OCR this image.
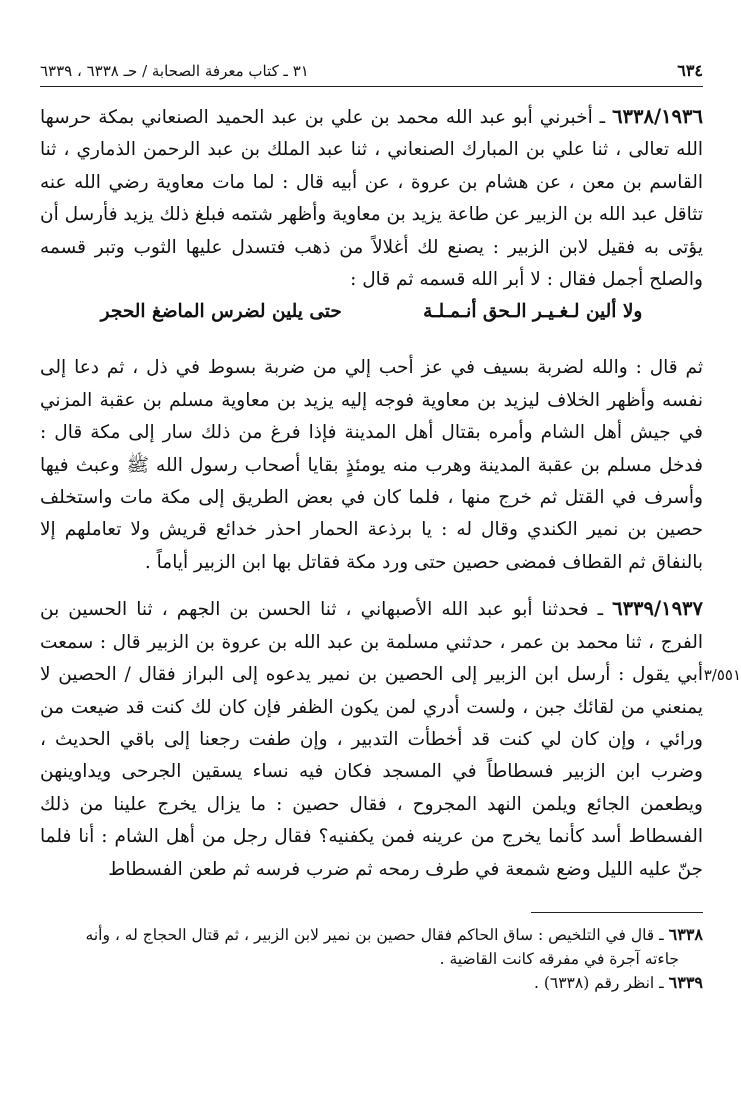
٦٣٤
٣١ ـ كتاب معرفة الصحابة / حـ ٦٣٣٨ ، ٦٣٣٩

٦٣٣٨/١٩٣٦ ـ أخبرني أبو عبد الله محمد بن علي بن عبد الحميد الصنعاني بمكة حرسها الله تعالى ، ثنا علي بن المبارك الصنعاني ، ثنا عبد الملك بن عبد الرحمن الذماري ، ثنا القاسم بن معن ، عن هشام بن عروة ، عن أبيه قال : لما مات معاوية رضي الله عنه تثاقل عبد الله بن الزبير عن طاعة يزيد بن معاوية وأظهر شتمه فبلغ ذلك يزيد فأرسل أن يؤتى به فقيل لابن الزبير : يصنع لك أغلالاً من ذهب فتسدل عليها الثوب وتبر قسمه والصلح أجمل فقال : لا أبر الله قسمه ثم قال :

ولا ألين لـغـيـر الـحق أنـمـلـة
حتى يلين لضرس الماضغ الحجر

ثم قال : والله لضربة بسيف في عز أحب إلي من ضربة بسوط في ذل ، ثم دعا إلى نفسه وأظهر الخلاف ليزيد بن معاوية فوجه إليه يزيد بن معاوية مسلم بن عقبة المزني في جيش أهل الشام وأمره بقتال أهل المدينة فإذا فرغ من ذلك سار إلى مكة قال : فدخل مسلم بن عقبة المدينة وهرب منه يومئذٍ بقايا أصحاب رسول الله ﷺ وعبث فيها وأسرف في القتل ثم خرج منها ، فلما كان في بعض الطريق إلى مكة مات واستخلف حصين بن نمير الكندي وقال له : يا برذعة الحمار احذر خدائع قريش ولا تعاملهم إلا بالنفاق ثم القطاف فمضى حصين حتى ورد مكة فقاتل بها ابن الزبير أياماً .

٦٣٣٩/١٩٣٧ ـ فحدثنا أبو عبد الله الأصبهاني ، ثنا الحسن بن الجهم ، ثنا الحسين بن الفرج ، ثنا محمد بن عمر ، حدثني مسلمة بن عبد الله بن عروة بن الزبير
٣/٥٥١
قال : سمعت أبي يقول : أرسل ابن الزبير إلى الحصين بن نمير يدعوه إلى البراز فقال / الحصين لا يمنعني من لقائك جبن ، ولست أدري لمن يكون الظفر فإن كان لك كنت قد ضيعت من ورائي ، وإن كان لي كنت قد أخطأت التدبير ، وإن طفت رجعنا إلى باقي الحديث ، وضرب ابن الزبير فسطاطاً في المسجد فكان فيه نساء يسقين الجرحى ويداوينهن ويطعمن الجائع ويلمن النهد المجروح ، فقال حصين : ما يزال يخرج علينا من ذلك الفسطاط أسد كأنما يخرج من عرينه فمن يكفنيه؟ فقال رجل من أهل الشام : أنا فلما جنّ عليه الليل وضع شمعة في طرف رمحه ثم ضرب فرسه ثم طعن الفسطاط

٦٣٣٨ ـ قال في التلخيص : ساق الحاكم فقال حصين بن نمير لابن الزبير ، ثم قتال الحجاج له ، وأنه

جاءته آجرة في مفرقه كانت القاضية .

٦٣٣٩ ـ انظر رقم (٦٣٣٨) .
